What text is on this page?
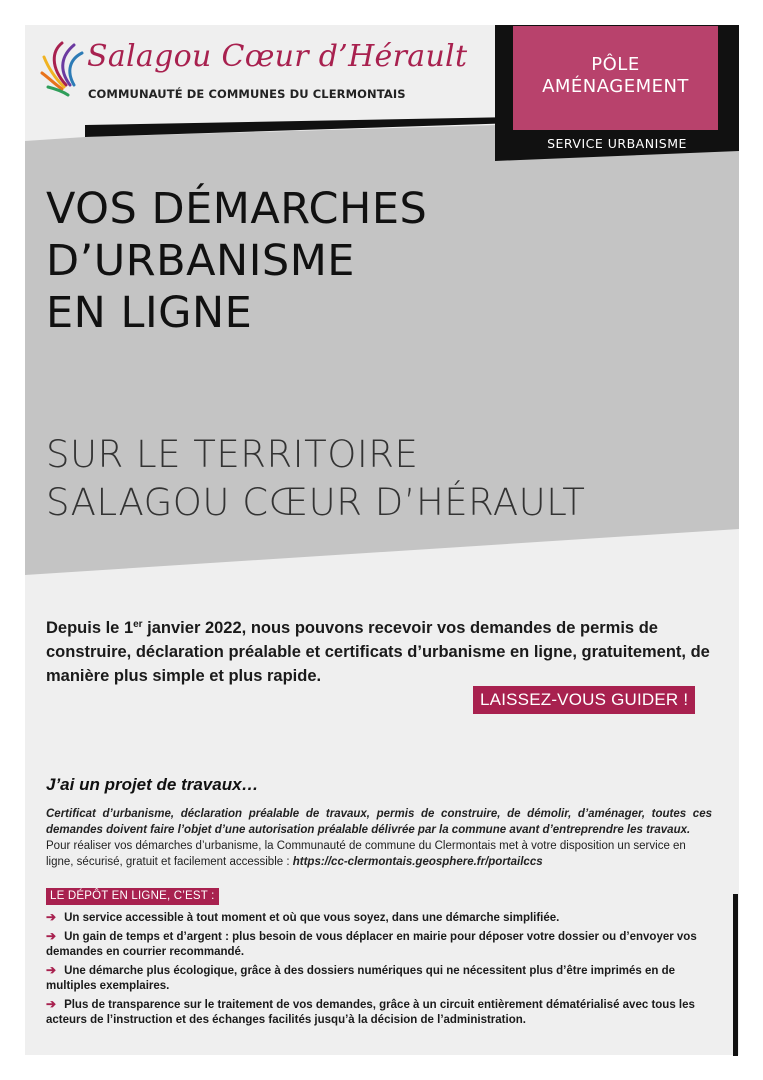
Salagou Cœur d’Hérault
COMMUNAUTÉ DE COMMUNES DU CLERMONTAIS
PÔLE
AMÉNAGEMENT
SERVICE URBANISME
VOS DÉMARCHES
D’URBANISME
EN LIGNE
SUR LE TERRITOIRE
SALAGOU CŒUR D’HÉRAULT

Depuis le 1er janvier 2022, nous pouvons recevoir vos demandes de permis de construire, déclaration préalable et certificats d’urbanisme en ligne, gratuitement, de manière plus simple et plus rapide.

LAISSEZ-VOUS GUIDER !
J’ai un projet de travaux…
Certificat d’urbanisme, déclaration préalable de travaux, permis de construire, de démolir, d’aménager, toutes ces demandes doivent faire l’objet d’une autorisation préalable délivrée par la commune avant d’entreprendre les travaux.
Pour réaliser vos démarches d’urbanisme, la Communauté de commune du Clermontais met à votre disposition un service en ligne, sécurisé, gratuit et facilement accessible : https://cc-clermontais.geosphere.fr/portailccs
LE DÉPÔT EN LIGNE, C’EST :
➔ Un service accessible à tout moment et où que vous soyez, dans une démarche simplifiée.
➔ Un gain de temps et d’argent : plus besoin de vous déplacer en mairie pour déposer votre dossier ou d’envoyer vos demandes en courrier recommandé.
➔ Une démarche plus écologique, grâce à des dossiers numériques qui ne nécessitent plus d’être imprimés en de multiples exemplaires.
➔ Plus de transparence sur le traitement de vos demandes, grâce à un circuit entièrement dématérialisé avec tous les acteurs de l’instruction et des échanges facilités jusqu’à la décision de l’administration.
